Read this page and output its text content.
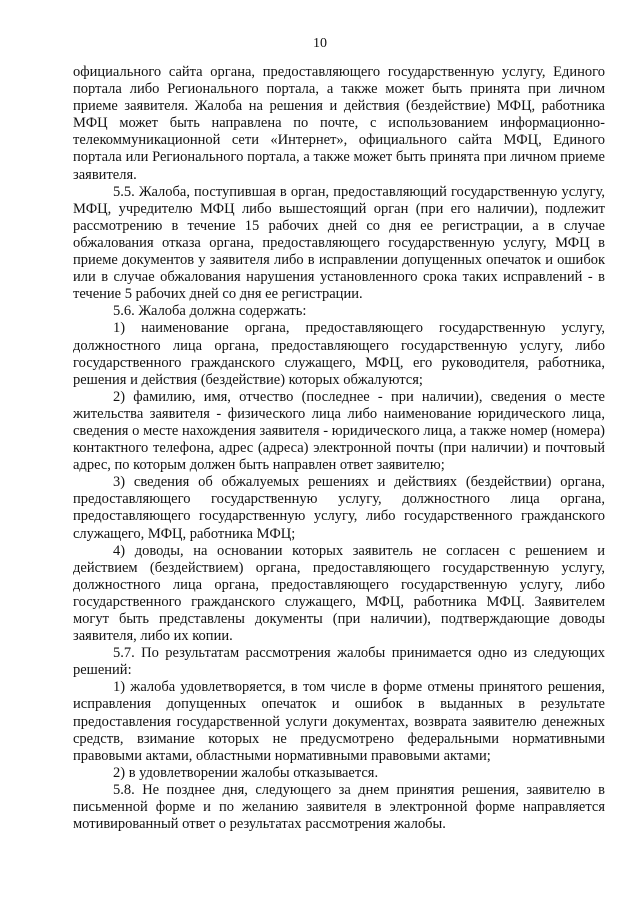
10

официального сайта органа, предоставляющего государственную услугу, Единого портала либо Регионального портала, а также может быть принята при личном приеме заявителя. Жалоба на решения и действия (бездействие) МФЦ, работника МФЦ может быть направлена по почте, с использованием информационно-телекоммуникационной сети «Интернет», официального сайта МФЦ, Единого портала или Регионального портала, а также может быть принята при личном приеме заявителя.

5.5. Жалоба, поступившая в орган, предоставляющий государственную услугу, МФЦ, учредителю МФЦ либо вышестоящий орган (при его наличии), подлежит рассмотрению в течение 15 рабочих дней со дня ее регистрации, а в случае обжалования отказа органа, предоставляющего государственную услугу, МФЦ в приеме документов у заявителя либо в исправлении допущенных опечаток и ошибок или в случае обжалования нарушения установленного срока таких исправлений - в течение 5 рабочих дней со дня ее регистрации.

5.6. Жалоба должна содержать:

1) наименование органа, предоставляющего государственную услугу, должностного лица органа, предоставляющего государственную услугу, либо государственного гражданского служащего, МФЦ, его руководителя, работника, решения и действия (бездействие) которых обжалуются;

2) фамилию, имя, отчество (последнее - при наличии), сведения о месте жительства заявителя - физического лица либо наименование юридического лица, сведения о месте нахождения заявителя - юридического лица, а также номер (номера) контактного телефона, адрес (адреса) электронной почты (при наличии) и почтовый адрес, по которым должен быть направлен ответ заявителю;

3) сведения об обжалуемых решениях и действиях (бездействии) органа, предоставляющего государственную услугу, должностного лица органа, предоставляющего государственную услугу, либо государственного гражданского служащего, МФЦ, работника МФЦ;

4) доводы, на основании которых заявитель не согласен с решением и действием (бездействием) органа, предоставляющего государственную услугу, должностного лица органа, предоставляющего государственную услугу, либо государственного гражданского служащего, МФЦ, работника МФЦ. Заявителем могут быть представлены документы (при наличии), подтверждающие доводы заявителя, либо их копии.

5.7. По результатам рассмотрения жалобы принимается одно из следующих решений:

1) жалоба удовлетворяется, в том числе в форме отмены принятого решения, исправления допущенных опечаток и ошибок в выданных в результате предоставления государственной услуги документах, возврата заявителю денежных средств, взимание которых не предусмотрено федеральными нормативными правовыми актами, областными нормативными правовыми актами;

2) в удовлетворении жалобы отказывается.

5.8. Не позднее дня, следующего за днем принятия решения, заявителю в письменной форме и по желанию заявителя в электронной форме направляется мотивированный ответ о результатах рассмотрения жалобы.
